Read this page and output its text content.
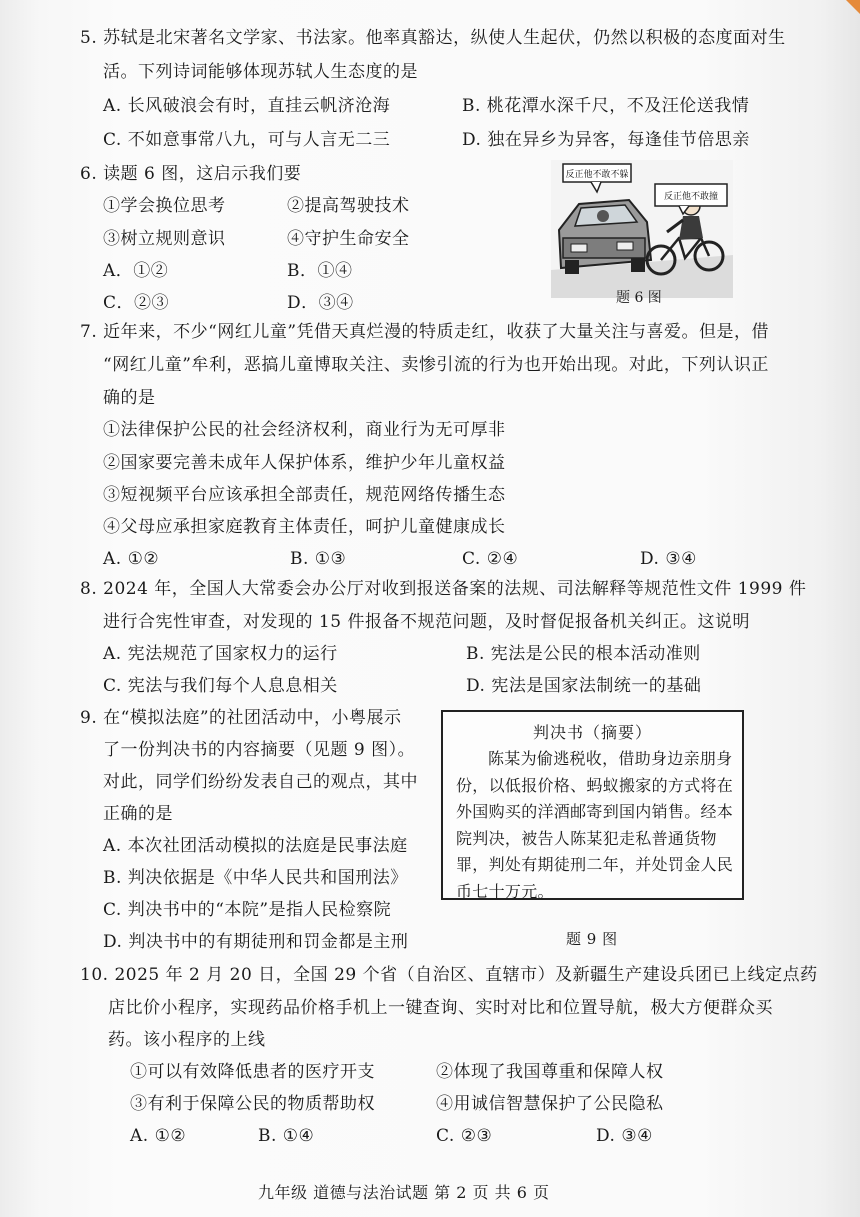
5. 苏轼是北宋著名文学家、书法家。他率真豁达，纵使人生起伏，仍然以积极的态度面对生
活。下列诗词能够体现苏轼人生态度的是
A. 长风破浪会有时，直挂云帆济沧海	B. 桃花潭水深千尺，不及汪伦送我情
C. 不如意事常八九，可与人言无二三	D. 独在异乡为异客，每逢佳节倍思亲
6. 读题 6 图，这启示我们要
①学会换位思考	②提高驾驶技术
③树立规则意识	④守护生命安全
A．①②	B．①④
C．②③	D．③④
反正他不敢不躲
反正他不敢撞
题 6 图
7. 近年来，不少“网红儿童”凭借天真烂漫的特质走红，收获了大量关注与喜爱。但是，借
“网红儿童”牟利，恶搞儿童博取关注、卖惨引流的行为也开始出现。对此，下列认识正
确的是
①法律保护公民的社会经济权利，商业行为无可厚非
②国家要完善未成年人保护体系，维护少年儿童权益
③短视频平台应该承担全部责任，规范网络传播生态
④父母应承担家庭教育主体责任，呵护儿童健康成长
A. ①②	B. ①③	C. ②④	D. ③④
8. 2024 年，全国人大常委会办公厅对收到报送备案的法规、司法解释等规范性文件 1999 件
进行合宪性审查，对发现的 15 件报备不规范问题，及时督促报备机关纠正。这说明
A. 宪法规范了国家权力的运行	B. 宪法是公民的根本活动准则
C. 宪法与我们每个人息息相关	D. 宪法是国家法制统一的基础
9. 在“模拟法庭”的社团活动中，小粤展示
了一份判决书的内容摘要（见题 9 图）。
对此，同学们纷纷发表自己的观点，其中
正确的是
A. 本次社团活动模拟的法庭是民事法庭
B. 判决依据是《中华人民共和国刑法》
C. 判决书中的“本院”是指人民检察院
D. 判决书中的有期徒刑和罚金都是主刑
判决书（摘要）
陈某为偷逃税收，借助身边亲朋身份，以低报价格、蚂蚁搬家的方式将在外国购买的洋酒邮寄到国内销售。经本院判决，被告人陈某犯走私普通货物罪，判处有期徒刑二年，并处罚金人民币七十万元。
题 9 图
10. 2025 年 2 月 20 日，全国 29 个省（自治区、直辖市）及新疆生产建设兵团已上线定点药
店比价小程序，实现药品价格手机上一键查询、实时对比和位置导航，极大方便群众买
药。该小程序的上线
①可以有效降低患者的医疗开支	②体现了我国尊重和保障人权
③有利于保障公民的物质帮助权	④用诚信智慧保护了公民隐私
A. ①②	B. ①④	C. ②③	D. ③④
九年级 道德与法治试题 第 2 页 共 6 页
